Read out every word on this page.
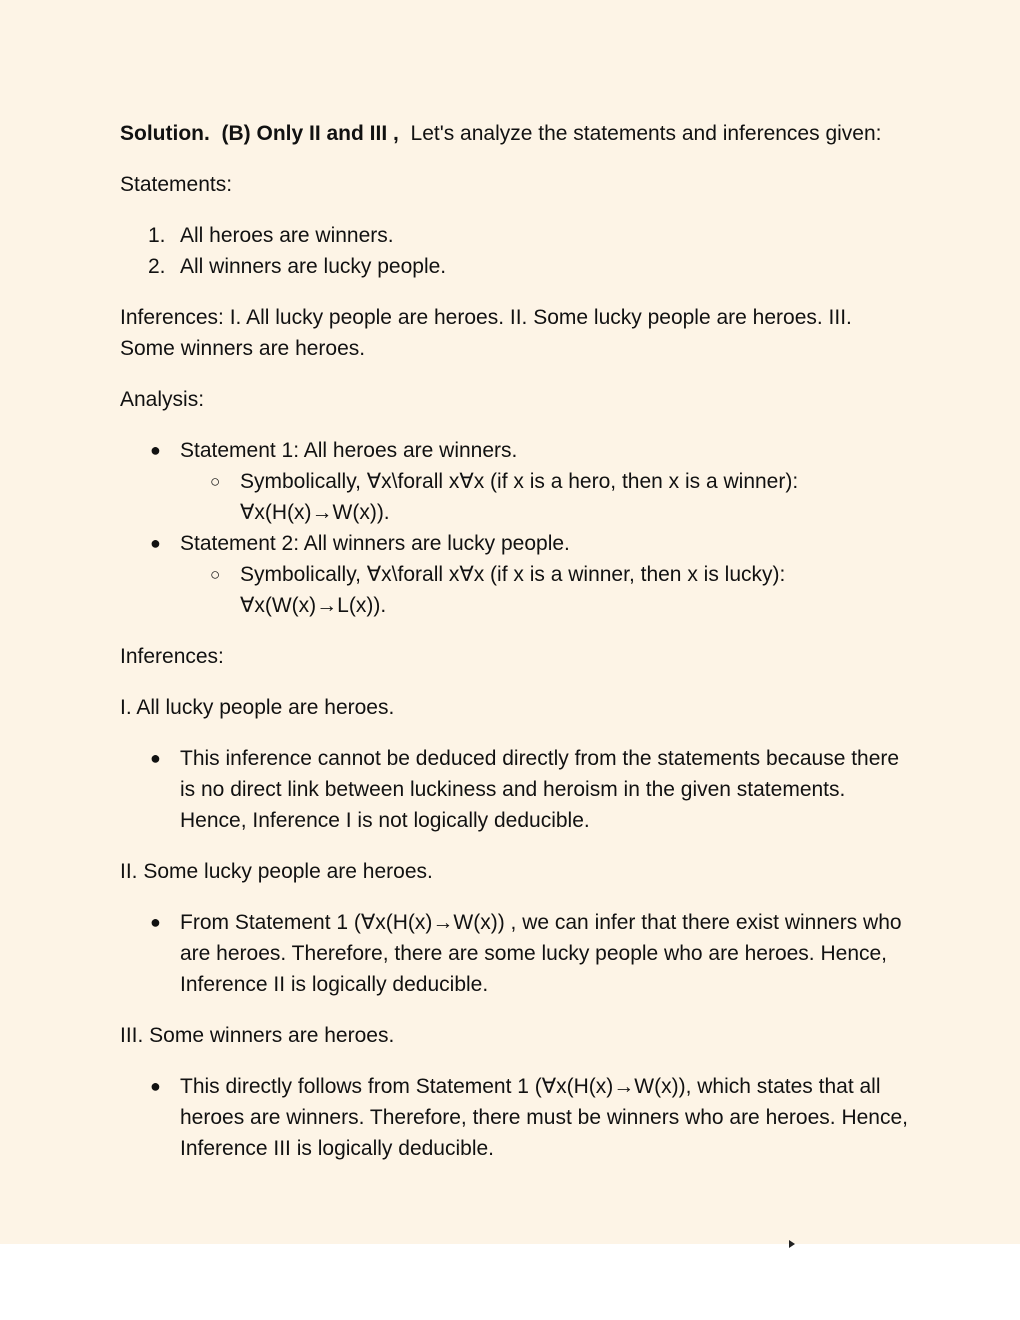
Solution. (B) Only II and III , Let's analyze the statements and inferences given:

Statements:

1. All heroes are winners.
2. All winners are lucky people.

Inferences: I. All lucky people are heroes. II. Some lucky people are heroes. III. Some winners are heroes.

Analysis:

● Statement 1: All heroes are winners.
○ Symbolically, ∀x\forall x∀x (if x is a hero, then x is a winner): ∀x(H(x)→W(x)).
● Statement 2: All winners are lucky people.
○ Symbolically, ∀x\forall x∀x (if x is a winner, then x is lucky): ∀x(W(x)→L(x)).

Inferences:

I. All lucky people are heroes.

● This inference cannot be deduced directly from the statements because there is no direct link between luckiness and heroism in the given statements. Hence, Inference I is not logically deducible.

II. Some lucky people are heroes.

● From Statement 1 (∀x(H(x)→W(x)) , we can infer that there exist winners who are heroes. Therefore, there are some lucky people who are heroes. Hence, Inference II is logically deducible.

III. Some winners are heroes.

● This directly follows from Statement 1 (∀x(H(x)→W(x)), which states that all heroes are winners. Therefore, there must be winners who are heroes. Hence, Inference III is logically deducible.
